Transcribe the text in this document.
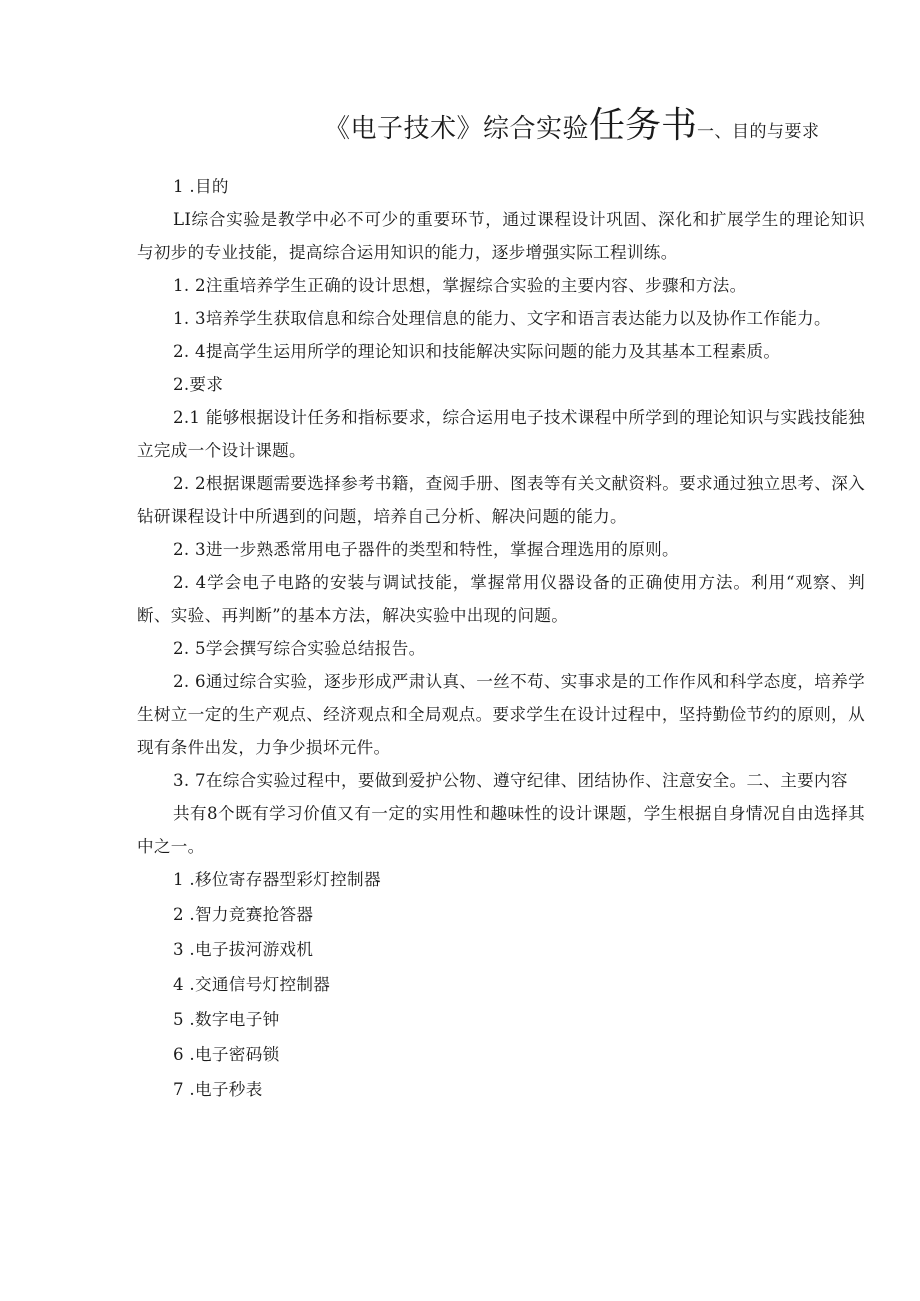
《电子技术》综合实验任务书一、目的与要求

1 .目的

LI综合实验是教学中必不可少的重要环节，通过课程设计巩固、深化和扩展学生的理论知识与初步的专业技能，提高综合运用知识的能力，逐步增强实际工程训练。

1. 2注重培养学生正确的设计思想，掌握综合实验的主要内容、步骤和方法。

1. 3培养学生获取信息和综合处理信息的能力、文字和语言表达能力以及协作工作能力。

2. 4提高学生运用所学的理论知识和技能解决实际问题的能力及其基本工程素质。

2.要求

2.1 能够根据设计任务和指标要求，综合运用电子技术课程中所学到的理论知识与实践技能独立完成一个设计课题。

2. 2根据课题需要选择参考书籍，查阅手册、图表等有关文献资料。要求通过独立思考、深入钻研课程设计中所遇到的问题，培养自己分析、解决问题的能力。

2. 3进一步熟悉常用电子器件的类型和特性，掌握合理选用的原则。

2. 4学会电子电路的安装与调试技能，掌握常用仪器设备的正确使用方法。利用“观察、判断、实验、再判断”的基本方法，解决实验中出现的问题。

2. 5学会撰写综合实验总结报告。

2. 6通过综合实验，逐步形成严肃认真、一丝不苟、实事求是的工作作风和科学态度，培养学生树立一定的生产观点、经济观点和全局观点。要求学生在设计过程中，坚持勤俭节约的原则，从现有条件出发，力争少损坏元件。

3. 7在综合实验过程中，要做到爱护公物、遵守纪律、团结协作、注意安全。二、主要内容

共有8个既有学习价值又有一定的实用性和趣味性的设计课题，学生根据自身情况自由选择其中之一。

1 .移位寄存器型彩灯控制器

2 .智力竞赛抢答器

3 .电子拔河游戏机

4 .交通信号灯控制器

5 .数字电子钟

6 .电子密码锁

7 .电子秒表
